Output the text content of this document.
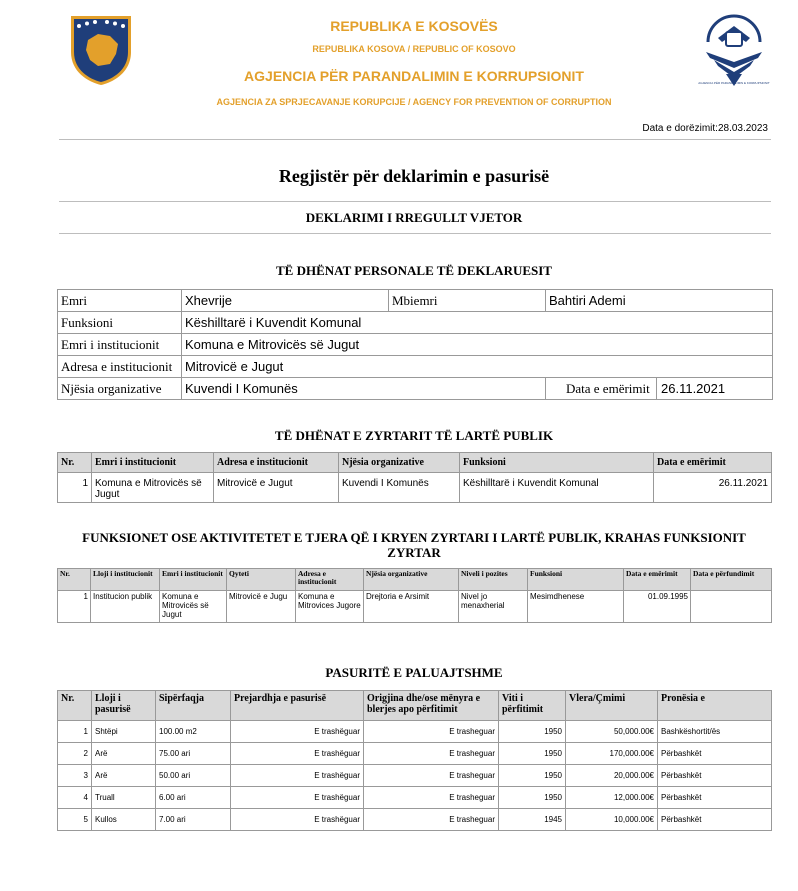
AGJENCIA PËR PARANDALIMIN E KORRUPSIONIT
REPUBLIKA E KOSOVËS
REPUBLIKA KOSOVA / REPUBLIC OF KOSOVO
AGJENCIA PËR PARANDALIMIN E KORRUPSIONIT
AGJENCIA ZA SPRJECAVANJE KORUPCIJE / AGENCY FOR PREVENTION OF CORRUPTION
Data e dorëzimit:28.03.2023
Regjistër për deklarimin e pasurisë
DEKLARIMI I RREGULLT VJETOR
TË DHËNAT PERSONALE TË DEKLARUESIT
Emri	Xhevrije	Mbiemri	Bahtiri Ademi
Funksioni	Këshilltarë i Kuvendit Komunal		
Emri i institucionit	Komuna e Mitrovicës së Jugut		
Adresa e institucionit	Mitrovicë e Jugut		
Njësia organizative	Kuvendi I Komunës		Data e emërimit 26.11.2021
TË DHËNAT E ZYRTARIT TË LARTË PUBLIK
Nr.	Emri i institucionit	Adresa e institucionit	Njësia organizative	Funksioni	Data e emërimit
1	Komuna e Mitrovicës së Jugut	Mitrovicë e Jugut	Kuvendi I Komunës	Këshilltarë i Kuvendit Komunal	26.11.2021
FUNKSIONET OSE AKTIVITETET E TJERA QË I KRYEN ZYRTARI I LARTË PUBLIK, KRAHAS FUNKSIONIT ZYRTAR
Nr.	Lloji i institucionit	Emri i institucionit	Qyteti	Adresa e institucionit	Njësia organizative	Niveli i pozites	Funksioni	Data e emërimit	Data e përfundimit
1	Institucion publik	Komuna e Mitrovicës së Jugut	Mitrovicë e Jugu	Komuna e Mitrovices Jugore	Drejtoria e Arsimit	Nivel jo menaxherial	Mesimdhenese	01.09.1995	
PASURITË E PALUAJTSHME
Nr.	Lloji i pasurisë	Sipërfaqja	Prejardhja e pasurisë	Origjina dhe/ose mënyra e blerjes apo përfitimit	Viti i përfitimit	Vlera/Çmimi	Pronësia e
1	Shtëpi	100.00 m2	E trashëguar	E trasheguar	1950	50,000.00€	Bashkëshortit/ës
2	Arë	75.00 ari	E trashëguar	E trasheguar	1950	170,000.00€	Përbashkët
3	Arë	50.00 ari	E trashëguar	E trasheguar	1950	20,000.00€	Përbashkët
4	Truall	6.00 ari	E trashëguar	E trasheguar	1950	12,000.00€	Përbashkët
5	Kullos	7.00 ari	E trashëguar	E trasheguar	1945	10,000.00€	Përbashkët
